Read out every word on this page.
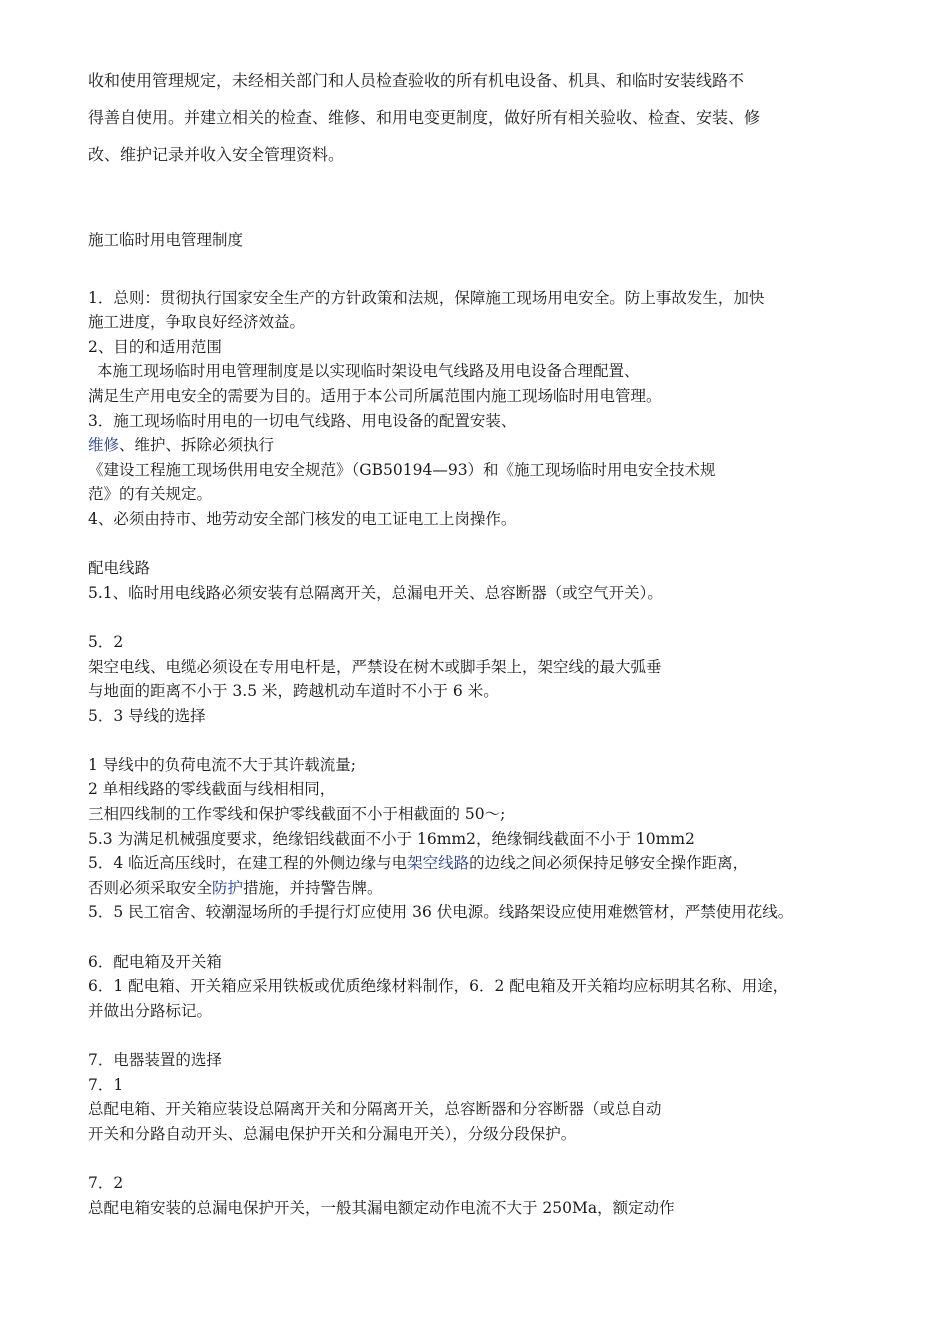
收和使用管理规定，未经相关部门和人员检查验收的所有机电设备、机具、和临时安装线路不

得善自使用。并建立相关的检查、维修、和用电变更制度，做好所有相关验收、检查、安装、修

改、维护记录并收入安全管理资料。

施工临时用电管理制度

1．总则：贯彻执行国家安全生产的方针政策和法规，保障施工现场用电安全。防上事故发生，加快

施工进度，争取良好经济效益。

2、目的和适用范围

本施工现场临时用电管理制度是以实现临时架设电气线路及用电设备合理配置、

满足生产用电安全的需要为目的。适用于本公司所属范围内施工现场临时用电管理。

3．施工现场临时用电的一切电气线路、用电设备的配置安装、

维修、维护、拆除必须执行

《建设工程施工现场供用电安全规范》（GB50194—93）和《施工现场临时用电安全技术规

范》的有关规定。

4、必须由持市、地劳动安全部门核发的电工证电工上岗操作。

配电线路

5.1、临时用电线路必须安装有总隔离开关，总漏电开关、总容断器（或空气开关）。

5．2

架空电线、电缆必须设在专用电杆是，严禁设在树木或脚手架上，架空线的最大弧垂

与地面的距离不小于 3.5 米，跨越机动车道时不小于 6 米。

5．3 导线的选择

1 导线中的负荷电流不大于其许载流量;

2 单相线路的零线截面与线相相同，

三相四线制的工作零线和保护零线截面不小于相截面的 50～;

5.3 为满足机械强度要求，绝缘铝线截面不小于 16mm2，绝缘铜线截面不小于 10mm2

5．4 临近高压线时，在建工程的外侧边缘与电架空线路的边线之间必须保持足够安全操作距离，

否则必须采取安全防护措施，并持警告牌。

5．5 民工宿舍、较潮湿场所的手提行灯应使用 36 伏电源。线路架设应使用难燃管材，严禁使用花线。

6．配电箱及开关箱

6．1 配电箱、开关箱应采用铁板或优质绝缘材料制作，6．2 配电箱及开关箱均应标明其名称、用途，

并做出分路标记。

7．电器装置的选择

7．1

总配电箱、开关箱应装设总隔离开关和分隔离开关，总容断器和分容断器（或总自动

开关和分路自动开头、总漏电保护开关和分漏电开关），分级分段保护。

7．2

总配电箱安装的总漏电保护开关，一般其漏电额定动作电流不大于 250Ma，额定动作
